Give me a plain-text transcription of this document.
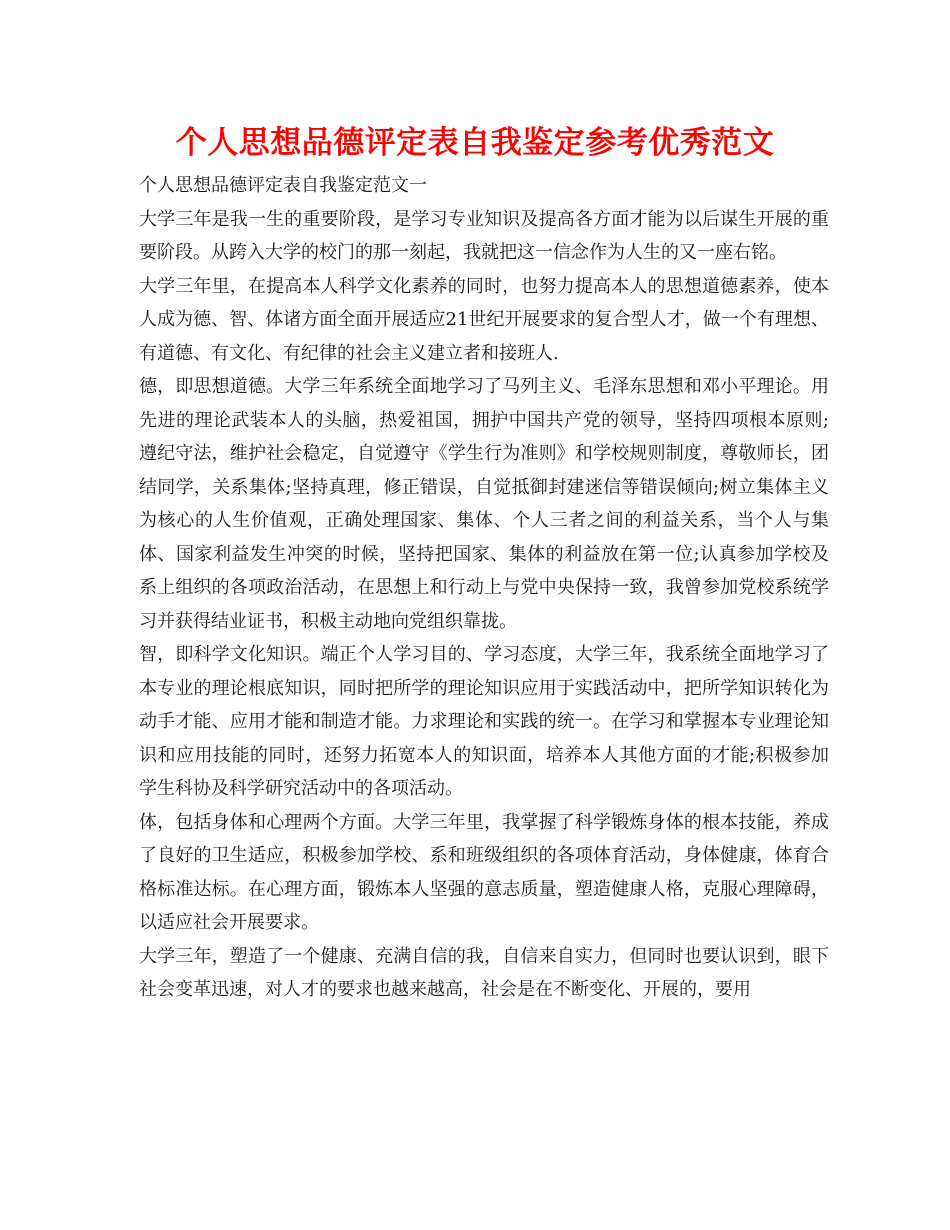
个人思想品德评定表自我鉴定参考优秀范文

个人思想品德评定表自我鉴定范文一

大学三年是我一生的重要阶段，是学习专业知识及提高各方面才能为以后谋生开展的重要阶段。从跨入大学的校门的那一刻起，我就把这一信念作为人生的又一座右铭。

大学三年里，在提高本人科学文化素养的同时，也努力提高本人的思想道德素养，使本人成为德、智、体诸方面全面开展适应21世纪开展要求的复合型人才，做一个有理想、有道德、有文化、有纪律的社会主义建立者和接班人.

德，即思想道德。大学三年系统全面地学习了马列主义、毛泽东思想和邓小平理论。用先进的理论武装本人的头脑，热爱祖国，拥护中国共产党的领导，坚持四项根本原则;遵纪守法，维护社会稳定，自觉遵守《学生行为准则》和学校规则制度，尊敬师长，团结同学，关系集体;坚持真理，修正错误，自觉抵御封建迷信等错误倾向;树立集体主义为核心的人生价值观，正确处理国家、集体、个人三者之间的利益关系，当个人与集体、国家利益发生冲突的时候，坚持把国家、集体的利益放在第一位;认真参加学校及系上组织的各项政治活动，在思想上和行动上与党中央保持一致，我曾参加党校系统学习并获得结业证书，积极主动地向党组织靠拢。

智，即科学文化知识。端正个人学习目的、学习态度，大学三年，我系统全面地学习了本专业的理论根底知识，同时把所学的理论知识应用于实践活动中，把所学知识转化为动手才能、应用才能和制造才能。力求理论和实践的统一。在学习和掌握本专业理论知识和应用技能的同时，还努力拓宽本人的知识面，培养本人其他方面的才能;积极参加学生科协及科学研究活动中的各项活动。

体，包括身体和心理两个方面。大学三年里，我掌握了科学锻炼身体的根本技能，养成了良好的卫生适应，积极参加学校、系和班级组织的各项体育活动，身体健康，体育合格标准达标。在心理方面，锻炼本人坚强的意志质量，塑造健康人格，克服心理障碍，以适应社会开展要求。

大学三年，塑造了一个健康、充满自信的我，自信来自实力，但同时也要认识到，眼下社会变革迅速，对人才的要求也越来越高，社会是在不断变化、开展的，要用
